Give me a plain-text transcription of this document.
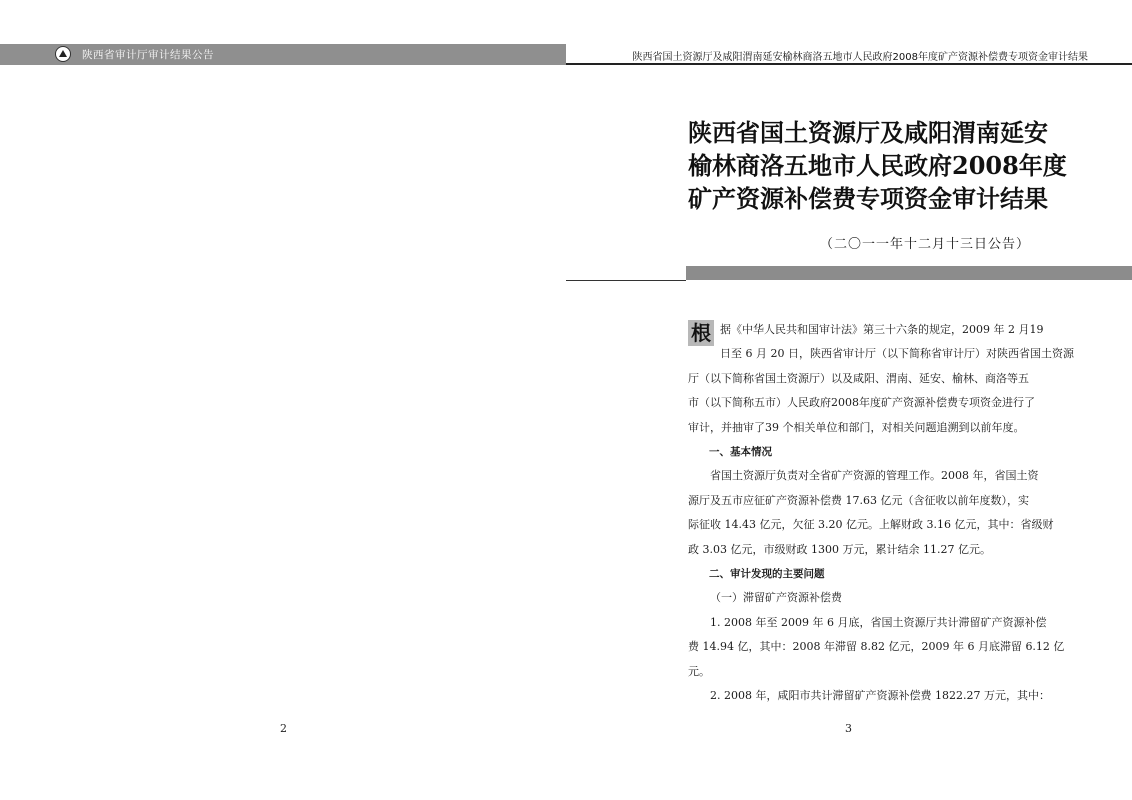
陕西省审计厅审计结果公告
2
陕西省国土资源厅及咸阳渭南延安榆林商洛五地市人民政府2008年度矿产资源补偿费专项资金审计结果
陕西省国土资源厅及咸阳渭南延安
榆林商洛五地市人民政府2008年度
矿产资源补偿费专项资金审计结果
（二〇一一年十二月十三日公告）
根 据《中华人民共和国审计法》第三十六条的规定，2009 年 2 月19
日至 6 月 20 日，陕西省审计厅（以下简称省审计厅）对陕西省国土资源
厅（以下简称省国土资源厅）以及咸阳、渭南、延安、榆林、商洛等五
市（以下简称五市）人民政府2008年度矿产资源补偿费专项资金进行了
审计，并抽审了39 个相关单位和部门，对相关问题追溯到以前年度。
一、基本情况
省国土资源厅负责对全省矿产资源的管理工作。2008 年，省国土资
源厅及五市应征矿产资源补偿费 17.63 亿元（含征收以前年度数），实
际征收 14.43 亿元，欠征 3.20 亿元。上解财政 3.16 亿元，其中：省级财
政 3.03 亿元，市级财政 1300 万元，累计结余 11.27 亿元。
二、审计发现的主要问题
（一）滞留矿产资源补偿费
1. 2008 年至 2009 年 6 月底，省国土资源厅共计滞留矿产资源补偿
费 14.94 亿，其中：2008 年滞留 8.82 亿元，2009 年 6 月底滞留 6.12 亿
元。
2. 2008 年，咸阳市共计滞留矿产资源补偿费 1822.27 万元，其中：
3
